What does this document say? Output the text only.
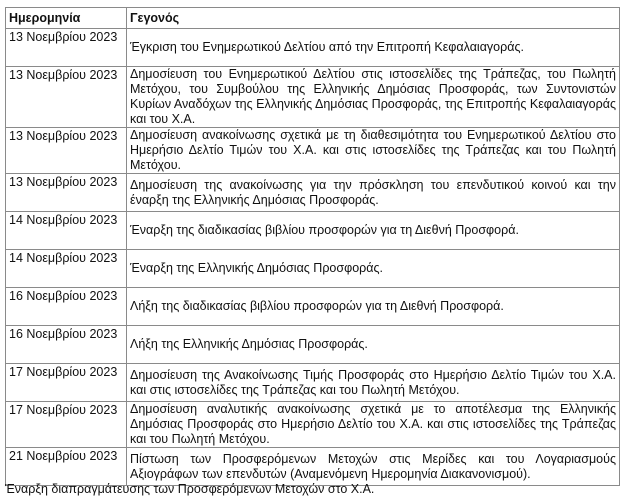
Ημερομηνία	Γεγονός
13 Νοεμβρίου 2023	Έγκριση του Ενημερωτικού Δελτίου από την Επιτροπή Κεφαλαιαγοράς.
13 Νοεμβρίου 2023	Δημοσίευση του Ενημερωτικού Δελτίου στις ιστοσελίδες της Τράπεζας, του Πωλητή Μετόχου, του Συμβούλου της Ελληνικής Δημόσιας Προσφοράς, των Συντονιστών Κυρίων Αναδόχων της Ελληνικής Δημόσιας Προσφοράς, της Επιτροπής Κεφαλαιαγοράς και του Χ.Α.
13 Νοεμβρίου 2023	Δημοσίευση ανακοίνωσης σχετικά με τη διαθεσιμότητα του Ενημερωτικού Δελτίου στο Ημερήσιο Δελτίο Τιμών του Χ.Α. και στις ιστοσελίδες της Τράπεζας και του Πωλητή Μετόχου.
13 Νοεμβρίου 2023	Δημοσίευση της ανακοίνωσης για την πρόσκληση του επενδυτικού κοινού και την έναρξη της Ελληνικής Δημόσιας Προσφοράς.
14 Νοεμβρίου 2023	Έναρξη της διαδικασίας βιβλίου προσφορών για τη Διεθνή Προσφορά.
14 Νοεμβρίου 2023	Έναρξη της Ελληνικής Δημόσιας Προσφοράς.
16 Νοεμβρίου 2023	Λήξη της διαδικασίας βιβλίου προσφορών για τη Διεθνή Προσφορά.
16 Νοεμβρίου 2023	Λήξη της Ελληνικής Δημόσιας Προσφοράς.
17 Νοεμβρίου 2023	Δημοσίευση της Ανακοίνωσης Τιμής Προσφοράς στο Ημερήσιο Δελτίο Τιμών του Χ.Α. και στις ιστοσελίδες της Τράπεζας και του Πωλητή Μετόχου.
17 Νοεμβρίου 2023	Δημοσίευση αναλυτικής ανακοίνωσης σχετικά με το αποτέλεσμα της Ελληνικής Δημόσιας Προσφοράς στο Ημερήσιο Δελτίο του Χ.Α. και στις ιστοσελίδες της Τράπεζας και του Πωλητή Μετόχου.
21 Νοεμβρίου 2023	Πίστωση των Προσφερόμενων Μετοχών στις Μερίδες και του Λογαριασμούς Αξιογράφων των επενδυτών (Αναμενόμενη Ημερομηνία Διακανονισμού).
Έναρξη διαπραγμάτευσης των Προσφερόμενων Μετοχών στο Χ.Α.
